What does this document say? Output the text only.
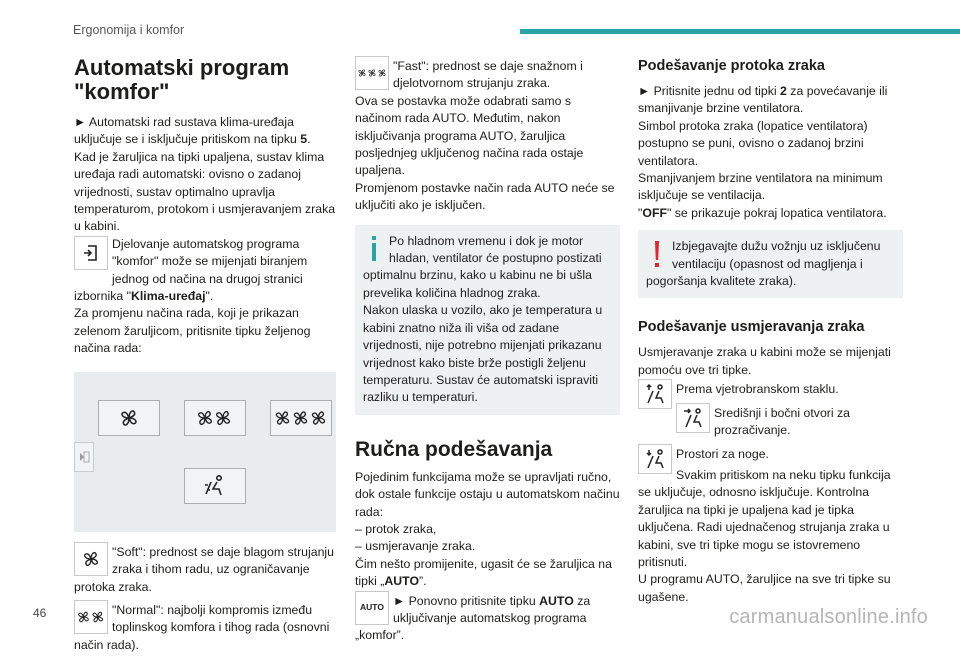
Ergonomija i komfor
Automatski program
"komfor"

► Automatski rad sustava klima-uređaja uključuje se i isključuje pritiskom na tipku 5.

Kad je žaruljica na tipki upaljena, sustav klima uređaja radi automatski: ovisno o zadanoj vrijednosti, sustav optimalno upravlja temperaturom, protokom i usmjeravanjem zraka u kabini.

Djelovanje automatskog programa "komfor" može se mijenjati biranjem jednog od načina na drugoj stranici izbornika "Klima-uređaj".

Za promjenu načina rada, koji je prikazan zelenom žaruljicom, pritisnite tipku željenog načina rada:

"Soft": prednost se daje blagom strujanju zraka i tihom radu, uz ograničavanje protoka zraka.

"Normal": najbolji kompromis između toplinskog komfora i tihog rada (osnovni način rada).

"Fast": prednost se daje snažnom i djelotvornom strujanju zraka.

Ova se postavka može odabrati samo s načinom rada AUTO. Međutim, nakon isključivanja programa AUTO, žaruljica posljednjeg uključenog načina rada ostaje upaljena.

Promjenom postavke način rada AUTO neće se uključiti ako je isključen.

Po hladnom vremenu i dok je motor hladan, ventilator će postupno postizati optimalnu brzinu, kako u kabinu ne bi ušla prevelika količina hladnog zraka.
Nakon ulaska u vozilo, ako je temperatura u kabini znatno niža ili viša od zadane vrijednosti, nije potrebno mijenjati prikazanu vrijednost kako biste brže postigli željenu temperaturu. Sustav će automatski ispraviti razliku u temperaturi.

Ručna podešavanja

Pojedinim funkcijama može se upravljati ručno, dok ostale funkcije ostaju u automatskom načinu rada:

– protok zraka,

– usmjeravanje zraka.

Čim nešto promijenite, ugasit će se žaruljica na tipki „AUTO”.

AUTO ► Ponovno pritisnite tipku AUTO za uključivanje automatskog programa „komfor”.

Podešavanje protoka zraka

► Pritisnite jednu od tipki 2 za povećavanje ili smanjivanje brzine ventilatora.

Simbol protoka zraka (lopatice ventilatora) postupno se puni, ovisno o zadanoj brzini ventilatora.

Smanjivanjem brzine ventilatora na minimum isključuje se ventilacija.

"OFF" se prikazuje pokraj lopatica ventilatora.

Izbjegavajte dužu vožnju uz isključenu ventilaciju (opasnost od magljenja i pogoršanja kvalitete zraka).

Podešavanje usmjeravanja zraka

Usmjeravanje zraka u kabini može se mijenjati pomoću ove tri tipke.

Prema vjetrobranskom staklu.

Središnji i bočni otvori za prozračivanje.

Prostori za noge.

Svakim pritiskom na neku tipku funkcija se uključuje, odnosno isključuje. Kontrolna žaruljica na tipki je upaljena kad je tipka uključena. Radi ujednačenog strujanja zraka u kabini, sve tri tipke mogu se istovremeno pritisnuti.

U programu AUTO, žaruljice na sve tri tipke su ugašene.

46	carmanualsonline.info
